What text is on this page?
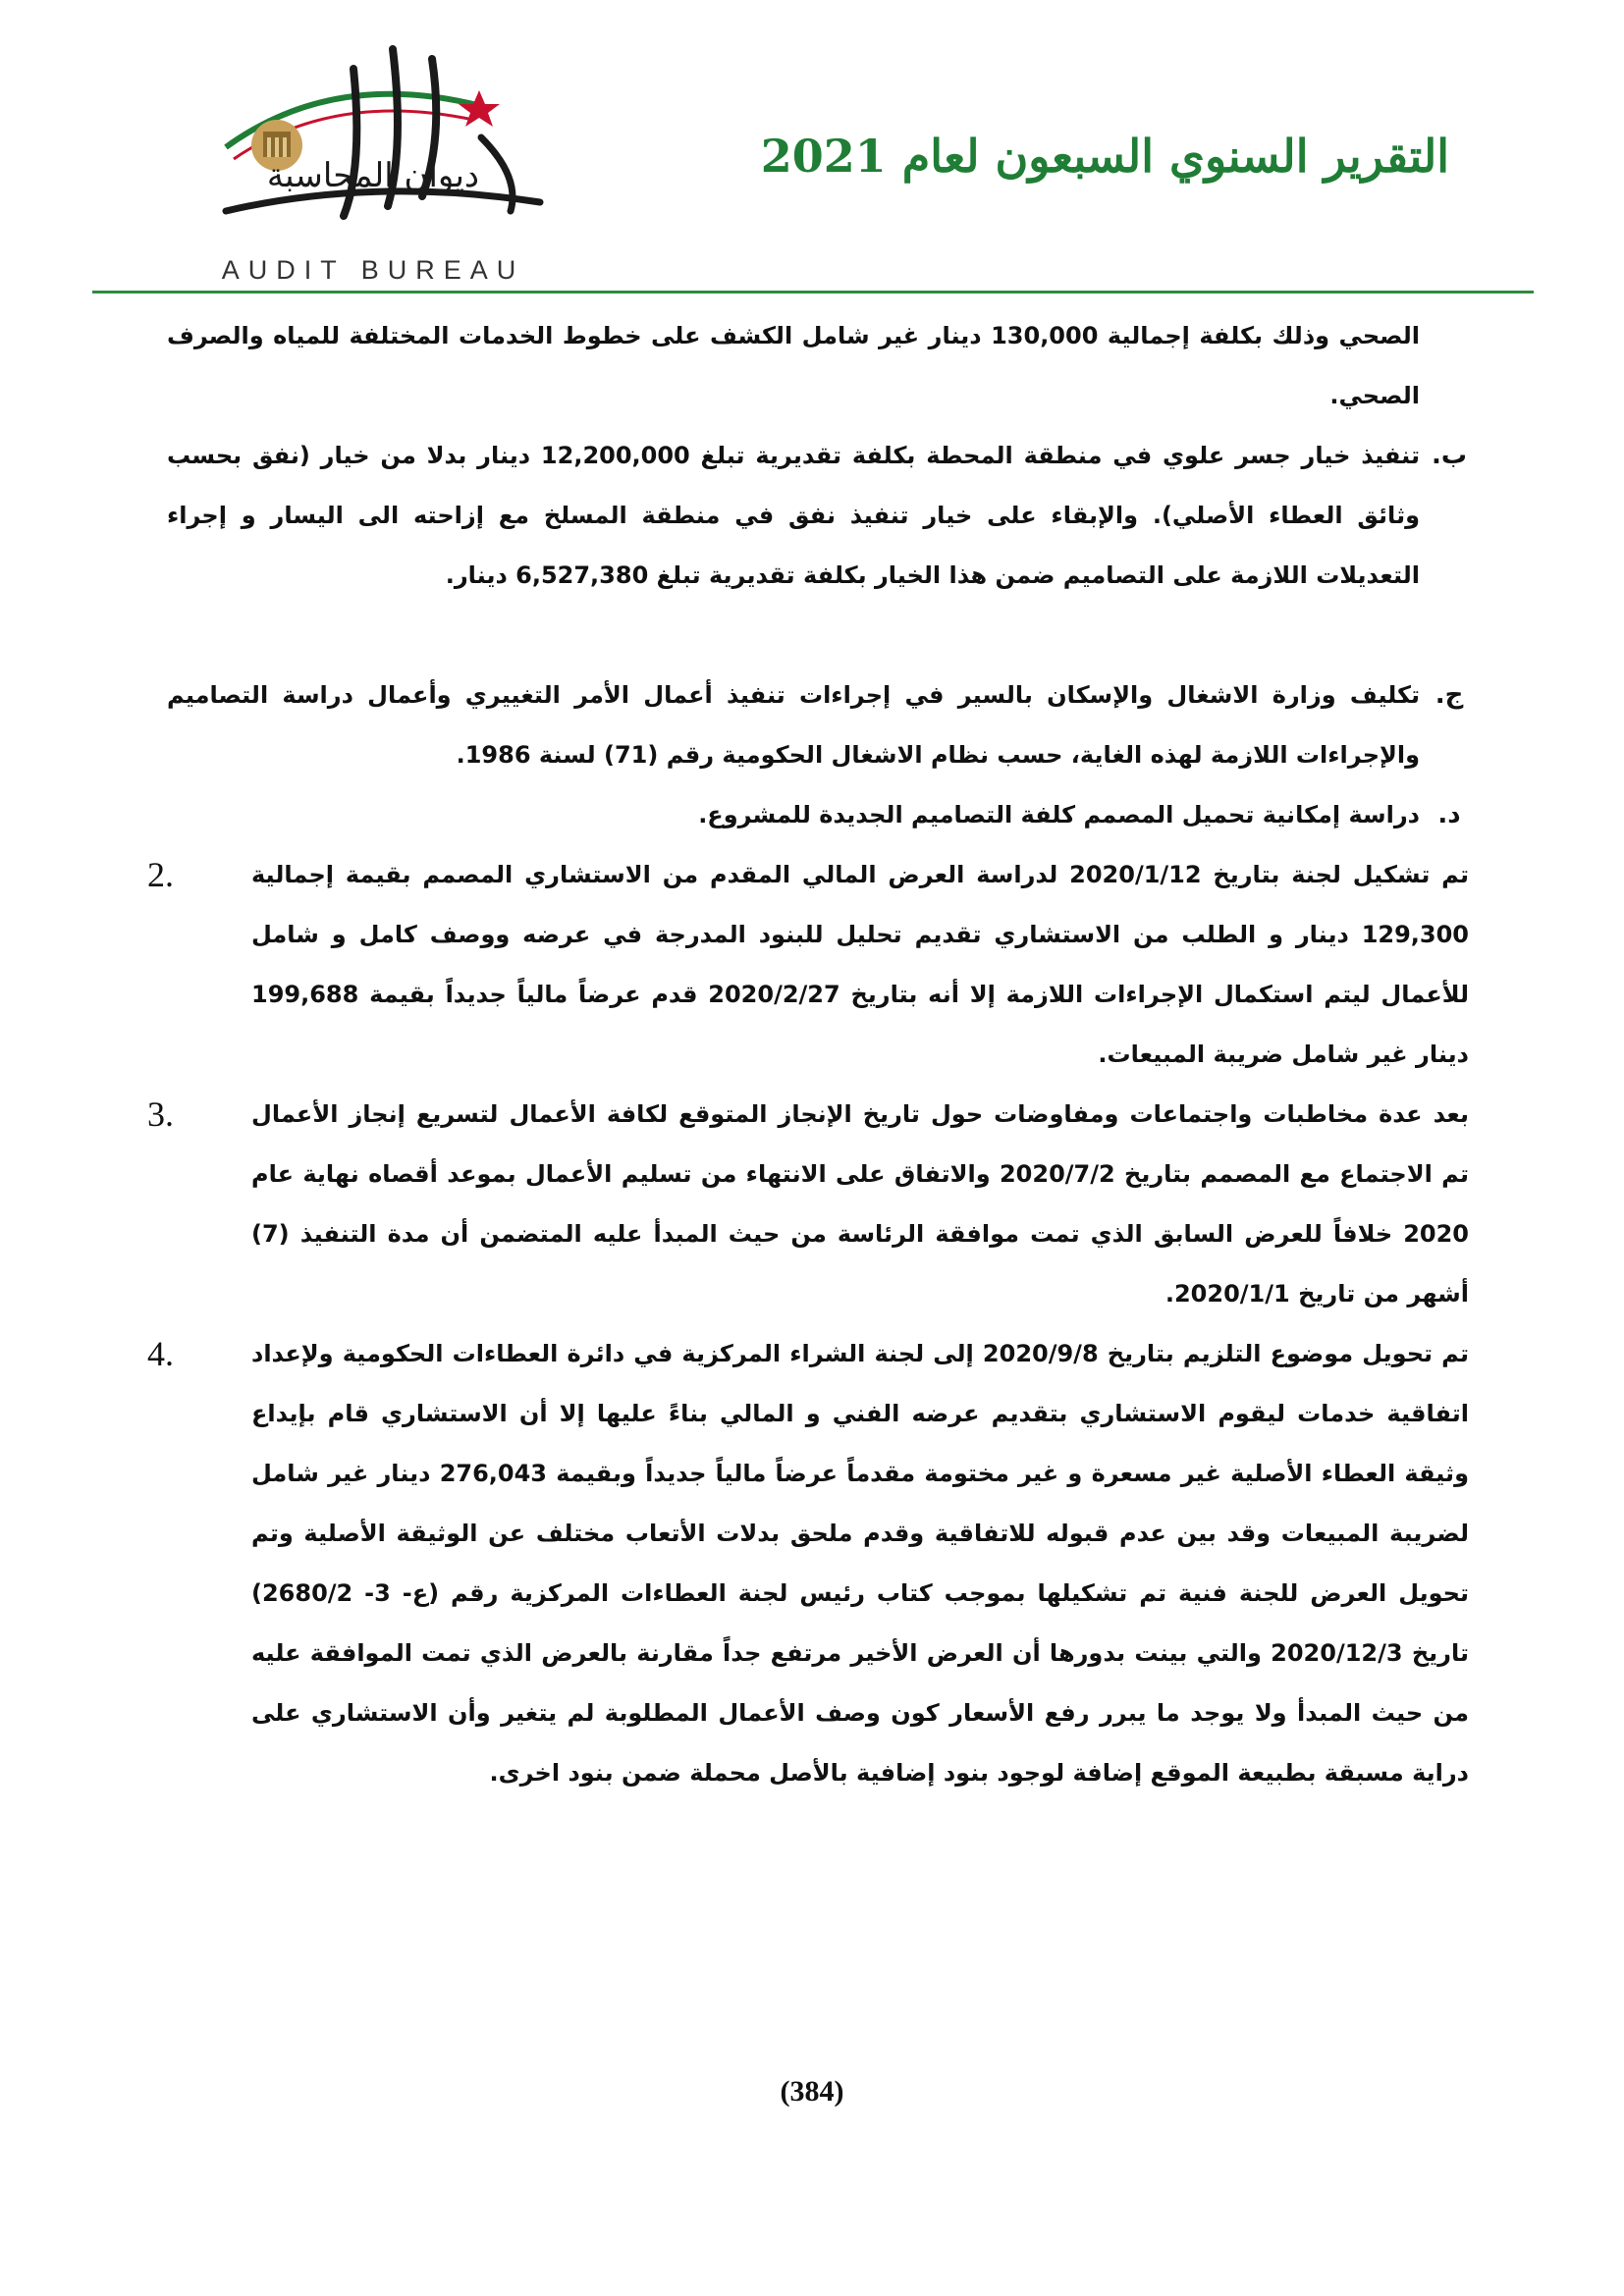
التقرير السنوي السبعون لعام 2021
ديوان المحاسبة
AUDIT BUREAU
الصحي وذلك بكلفة إجمالية 130,000 دينار غير شامل الكشف على خطوط الخدمات المختلفة للمياه والصرف الصحي.
ب.
تنفيذ خيار جسر علوي في منطقة المحطة بكلفة تقديرية تبلغ 12,200,000 دينار بدلا من خيار (نفق بحسب وثائق العطاء الأصلي). والإبقاء على خيار تنفيذ نفق في منطقة المسلخ مع إزاحته الى اليسار و إجراء التعديلات اللازمة على التصاميم ضمن هذا الخيار بكلفة تقديرية تبلغ 6,527,380 دينار.
ج.
تكليف وزارة الاشغال والإسكان بالسير في إجراءات تنفيذ أعمال الأمر التغييري وأعمال دراسة التصاميم والإجراءات اللازمة لهذه الغاية، حسب نظام الاشغال الحكومية رقم (71) لسنة 1986.
د.
دراسة إمكانية تحميل المصمم كلفة التصاميم الجديدة للمشروع.
2.	تم تشكيل لجنة بتاريخ 2020/1/12 لدراسة العرض المالي المقدم من الاستشاري المصمم بقيمة إجمالية 129,300 دينار و الطلب من الاستشاري تقديم تحليل للبنود المدرجة في عرضه ووصف كامل و شامل للأعمال ليتم استكمال الإجراءات اللازمة إلا أنه بتاريخ 2020/2/27 قدم عرضاً مالياً جديداً بقيمة 199,688 دينار غير شامل ضريبة المبيعات.
3.	بعد عدة مخاطبات واجتماعات ومفاوضات حول تاريخ الإنجاز المتوقع لكافة الأعمال لتسريع إنجاز الأعمال تم الاجتماع مع المصمم بتاريخ 2020/7/2 والاتفاق على الانتهاء من تسليم الأعمال بموعد أقصاه نهاية عام 2020 خلافاً للعرض السابق الذي تمت موافقة الرئاسة من حيث المبدأ عليه المتضمن أن مدة التنفيذ (7) أشهر من تاريخ 2020/1/1.
4.	تم تحويل موضوع التلزيم بتاريخ 2020/9/8 إلى لجنة الشراء المركزية في دائرة العطاءات الحكومية ولإعداد اتفاقية خدمات ليقوم الاستشاري بتقديم عرضه الفني و المالي بناءً عليها إلا أن الاستشاري قام بإيداع وثيقة العطاء الأصلية غير مسعرة و غير مختومة مقدماً عرضاً مالياً جديداً وبقيمة 276,043 دينار غير شامل لضريبة المبيعات وقد بين عدم قبوله للاتفاقية وقدم ملحق بدلات الأتعاب مختلف عن الوثيقة الأصلية وتم تحويل العرض للجنة فنية تم تشكيلها بموجب كتاب رئيس لجنة العطاءات المركزية رقم (ع- 3- 2680/2) تاريخ 2020/12/3 والتي بينت بدورها أن العرض الأخير مرتفع جداً مقارنة بالعرض الذي تمت الموافقة عليه من حيث المبدأ ولا يوجد ما يبرر رفع الأسعار كون وصف الأعمال المطلوبة لم يتغير وأن الاستشاري على دراية مسبقة بطبيعة الموقع إضافة لوجود بنود إضافية بالأصل محملة ضمن بنود اخرى.
(384)
